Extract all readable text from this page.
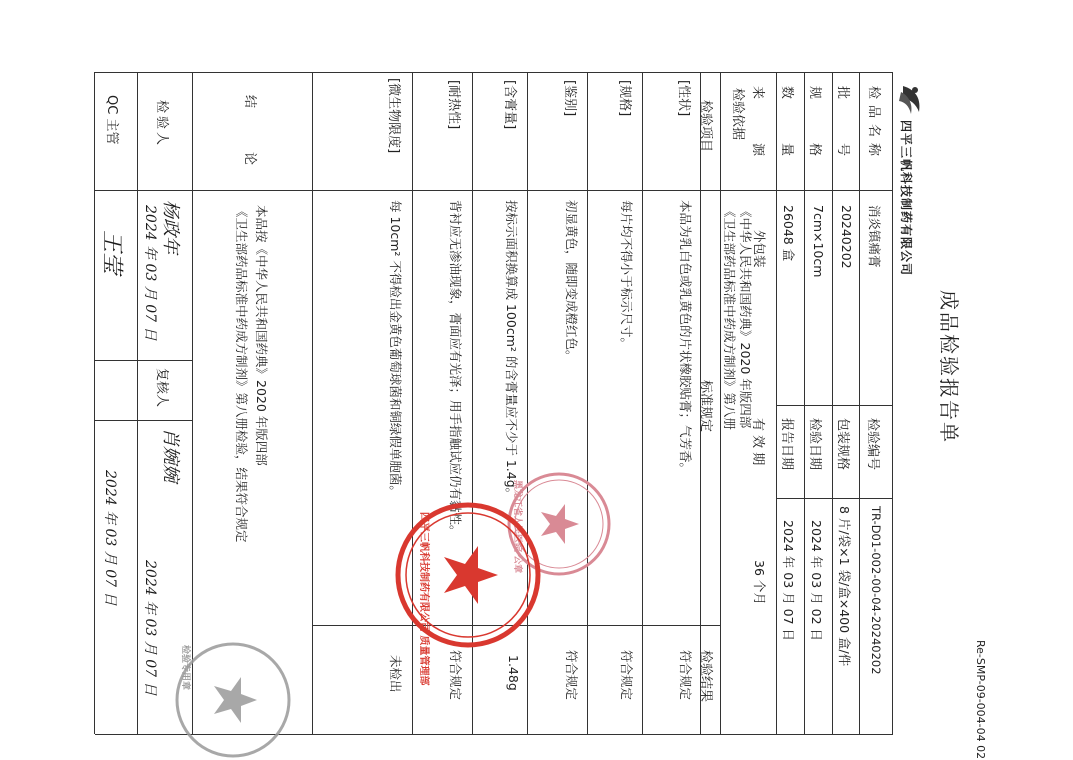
Re-SMP-09-004-04 02
成品检验报告单
四平三帆科技制药有限公司
检品名称
消炎镇痛膏
检验编号
TR-D01-002-00-04-20240202
批　　号
20240202
包装规格
8 片/袋×1 袋/盒×400 盒/件
规　　格
7cm×10cm
检验日期
2024 年 03 月 02 日
数　　量
26048 盒
报告日期
2024 年 03 月 07 日
来　　源
外包装
有 效 期
36 个月
检验依据
《中华人民共和国药典》2020 年版四部
《卫生部药品标准中药成方制剂》第八册
检验项目
标准规定
检验结果
[性状]
本品为乳白色或乳黄色的片状橡胶贴膏；气芳香。
符合规定
[规格]
每片均不得小于标示尺寸。
符合规定
[鉴别]
初显黄色，随即变成橙红色。
符合规定
[含膏量]
按标示面积换算成 100cm² 的含膏量应不少于 1.4g。
1.48g
[耐热性]
背衬应无渗油现象，膏面应有光泽；用手指触试应仍有黏性。
符合规定
[微生物限度]
每 10cm² 不得检出金黄色葡萄球菌和铜绿假单胞菌。
未检出
结　　论
本品按《中华人民共和国药典》2020 年版四部
《卫生部药品标准中药成方制剂》第八册检验，结果符合规定
检验人
杨政年
2024 年 03 月 07 日
复核人
肖婉婉
2024 年 03 月 07 日
QC 主管
王莹
2024 年 03 月 07 日	黑龙江省人民医院 公章
四平三帆科技制药有限公司 质量管理部
检验专用章
